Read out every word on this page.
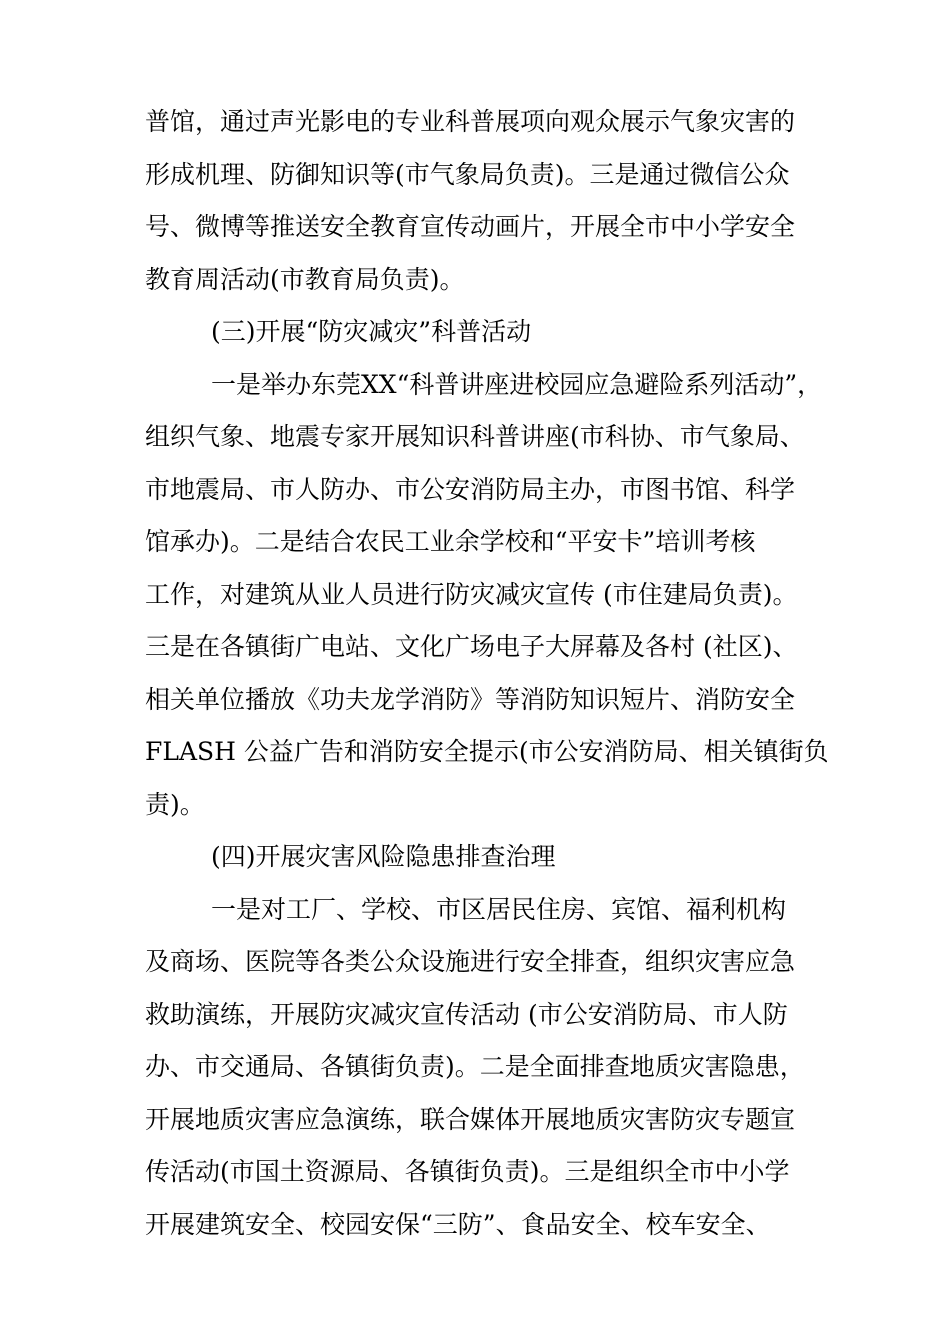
普馆，通过声光影电的专业科普展项向观众展示气象灾害的
形成机理、防御知识等(市气象局负责)。三是通过微信公众
号、微博等推送安全教育宣传动画片，开展全市中小学安全
教育周活动(市教育局负责)。
(三)开展“防灾减灾”科普活动
一是举办东莞XX“科普讲座进校园应急避险系列活动”，
组织气象、地震专家开展知识科普讲座(市科协、市气象局、
市地震局、市人防办、市公安消防局主办，市图书馆、科学
馆承办)。二是结合农民工业余学校和“平安卡”培训考核
工作，对建筑从业人员进行防灾减灾宣传 (市住建局负责)。
三是在各镇街广电站、文化广场电子大屏幕及各村 (社区)、
相关单位播放《功夫龙学消防》等消防知识短片、消防安全
FLASH 公益广告和消防安全提示(市公安消防局、相关镇街负
责)。
(四)开展灾害风险隐患排查治理
一是对工厂、学校、市区居民住房、宾馆、福利机构
及商场、医院等各类公众设施进行安全排查，组织灾害应急
救助演练，开展防灾减灾宣传活动 (市公安消防局、市人防
办、市交通局、各镇街负责)。二是全面排查地质灾害隐患，
开展地质灾害应急演练，联合媒体开展地质灾害防灾专题宣
传活动(市国土资源局、各镇街负责)。三是组织全市中小学
开展建筑安全、校园安保“三防”、食品安全、校车安全、
